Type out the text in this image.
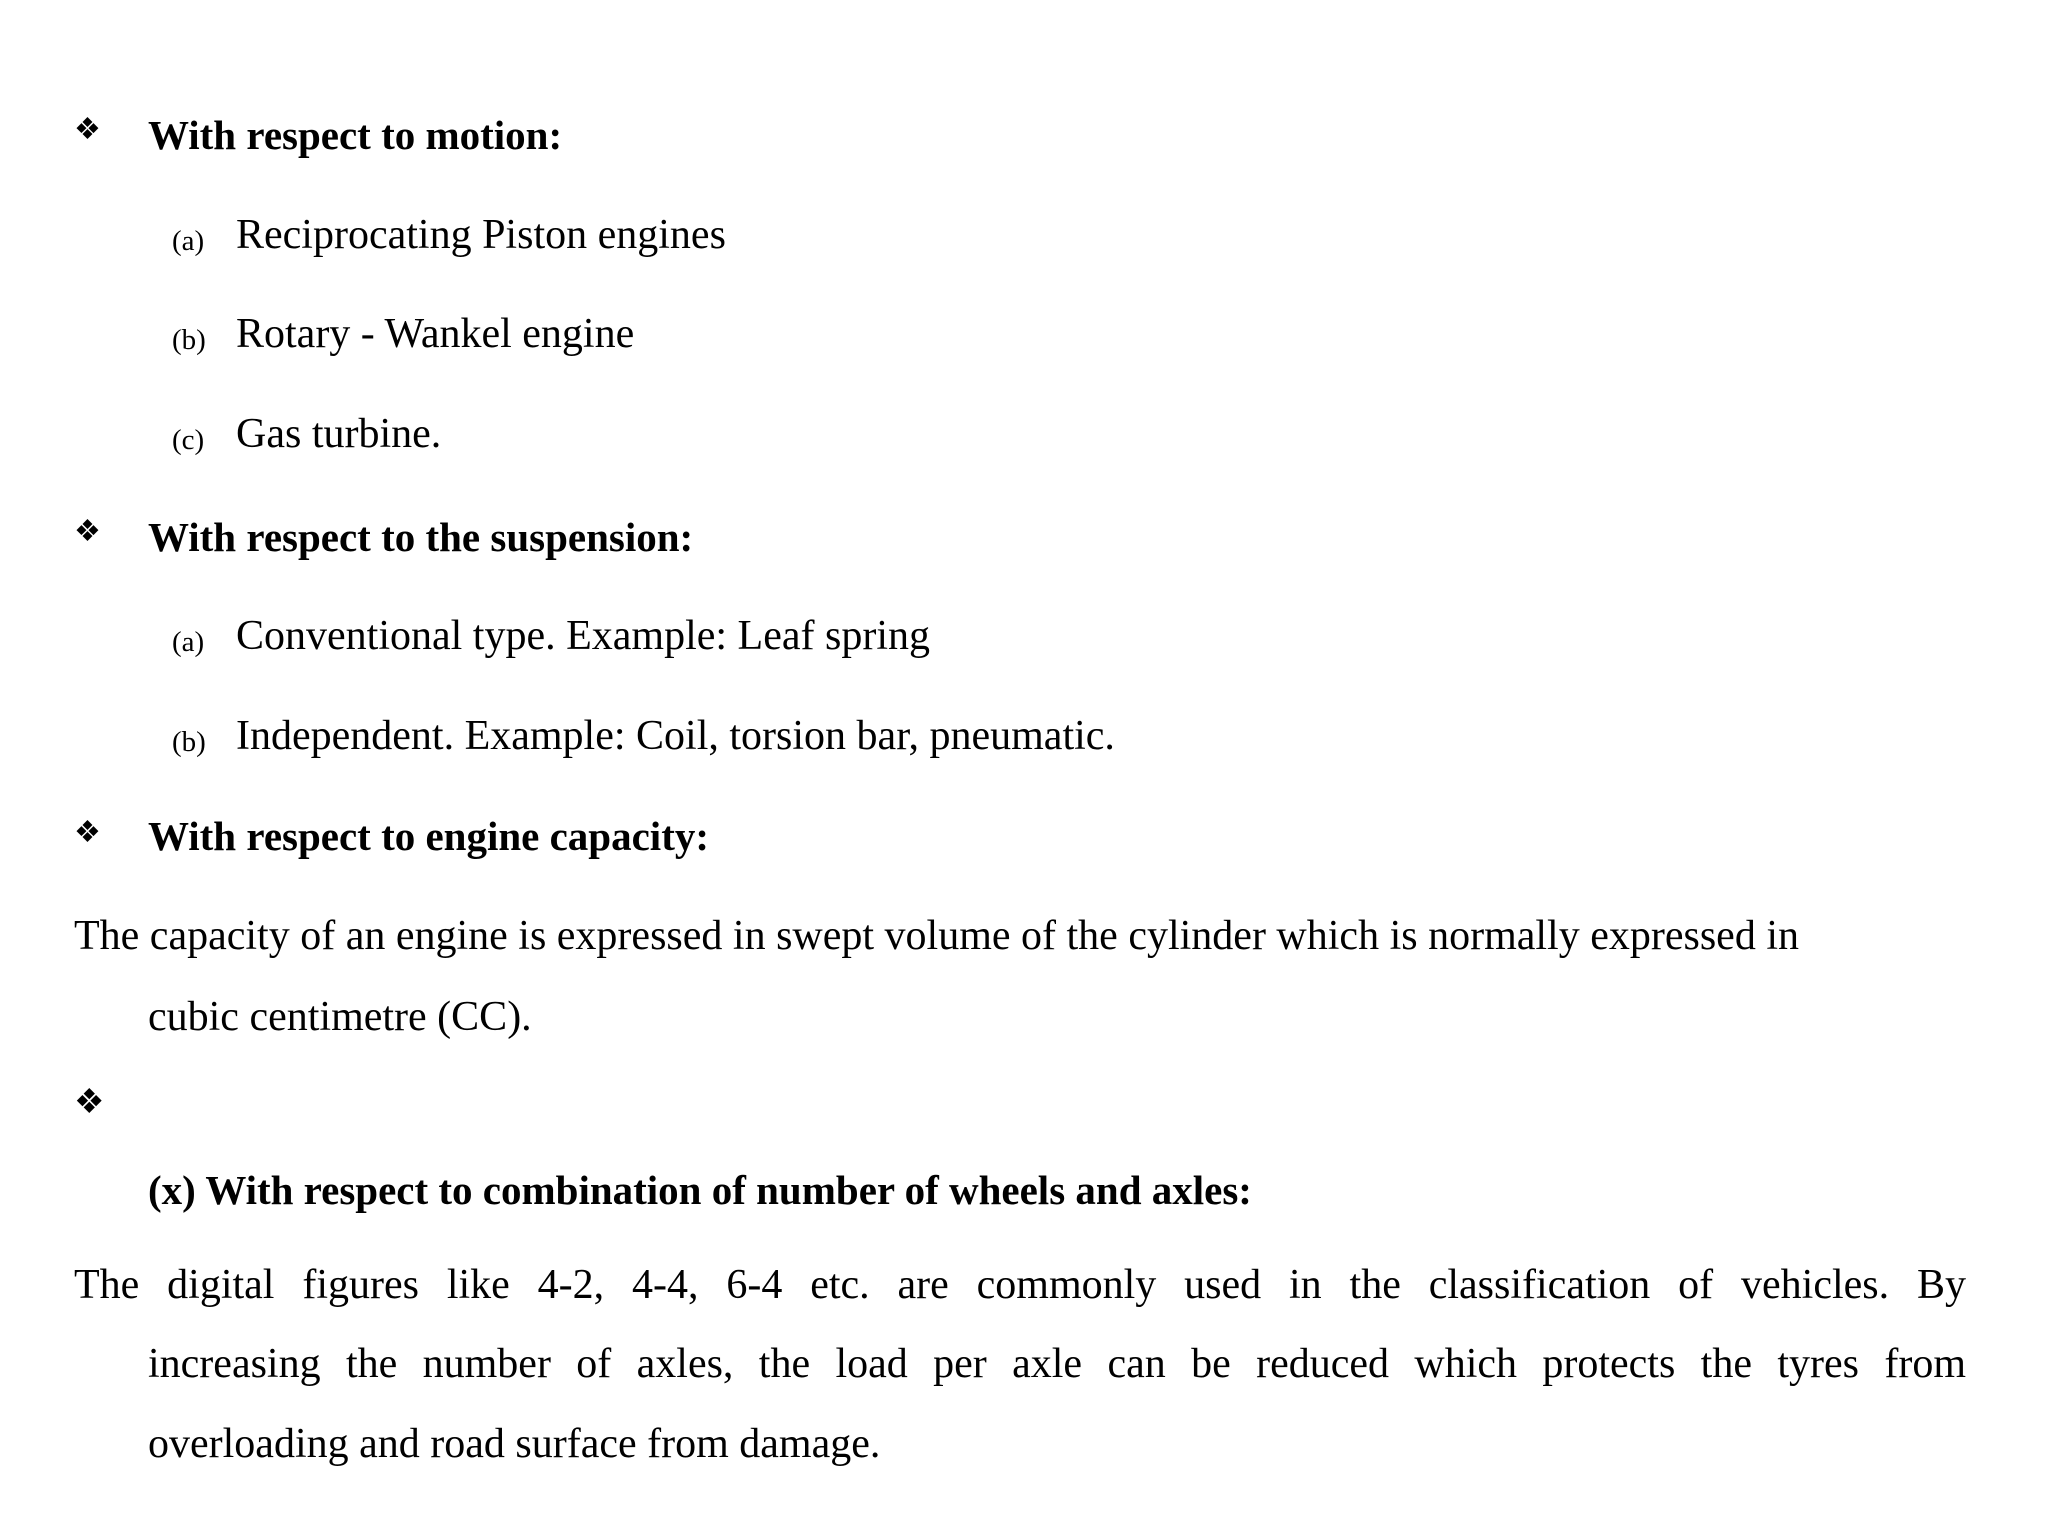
❖ With respect to motion:
(a) Reciprocating Piston engines
(b) Rotary - Wankel engine
(c) Gas turbine.
❖ With respect to the suspension:
(a) Conventional type. Example: Leaf spring
(b) Independent. Example: Coil, torsion bar, pneumatic.
❖ With respect to engine capacity:
The capacity of an engine is expressed in swept volume of the cylinder which is normally expressed in
cubic centimetre (CC).
❖
(x) With respect to combination of number of wheels and axles:
The digital figures like 4-2, 4-4, 6-4 etc. are commonly used in the classification of vehicles. By
increasing the number of axles, the load per axle can be reduced which protects the tyres from
overloading and road surface from damage.
